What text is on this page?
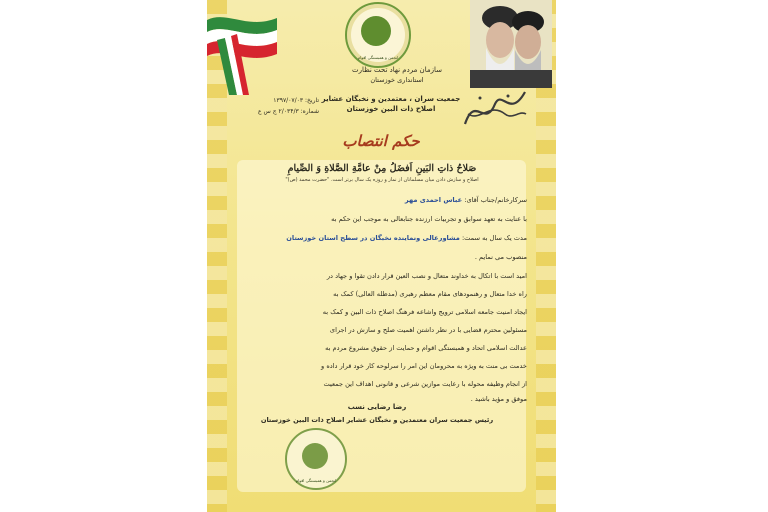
انجمن و همبستگی اقوام
سازمان مردم نهاد تحت نظارت
استانداری خوزستان
جمعیت سران ، معتمدین و نخبگان عشایر
اصلاح ذات البین خوزستان
تاریخ: ۱۳۹۷/۰۷/۰۳
شماره: ۲/۰۳۴/۳ ج س ع
حکم انتصاب
صَلاحُ ذاتِ البَینِ اَفضَلُ مِنْ عامَّةِ الصَّلاةِ وَ الصِّیامِ
اصلاح و سازش دادن میان مسلمانان از نماز و روزه یک سال برتر است. "حضرت محمد (ص)"
سرکارخانم/جناب آقای: عباس احمدی مهر
با عنایت به تعهد سوابق و تجربیات ارزنده جنابعالی به موجب این حکم به
مدت یک سال به سمت: مشاورعالی ونماینده نخبگان در سطح استان خوزستان
منصوب می نمایم .
امید است با اتکال به خداوند متعال و نصب العین قرار دادن تقوا و جهاد در
راه خدا متعال و رهنمودهای مقام معظم رهبری (مدظله العالی) کمک به
ایجاد امنیت جامعه اسلامی ترویج واشاعه فرهنگ اصلاح ذات البین و کمک به
مسئولین محترم قضایی با در نظر داشتن اهمیت صلح و سازش در اجرای
عدالت اسلامی اتحاد و همبستگی اقوام و حمایت از حقوق مشروع مردم به
خدمت بی منت به ویژه به محرومان این امر را سرلوحه کار خود قرار داده و
از انجام وظیفه محوله با رعایت موازین شرعی و قانونی اهداف این جمعیت
موفق و مؤید باشید .
رضا رضایی نسب
رئیس جمعیت سران معتمدین و نخبگان عشایر اصلاح ذات البین خوزستان
انجمن و همبستگی اقوام
